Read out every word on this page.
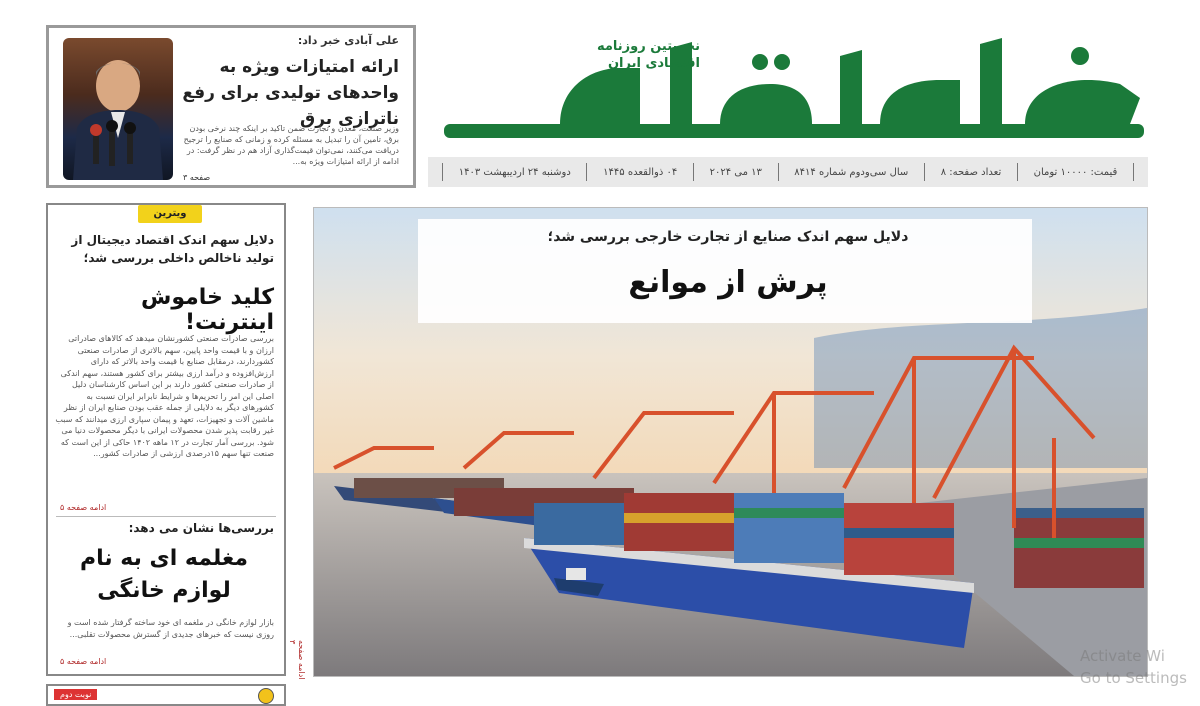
نخستین روزنامه
اقتصادی ایران
دوشنبه ۲۴ اردیبهشت ۱۴۰۳	۰۴ ذوالقعده ۱۴۴۵	۱۳ می ۲۰۲۴	سال سی‌ودوم شماره ۸۴۱۴	تعداد صفحه: ۸	قیمت: ۱۰۰۰۰ تومان
علی آبادی خبر داد:
ارائه امتیازات ویژه به واحدهای تولیدی برای رفع ناترازی برق
وزیر صنعت، معدن و تجارت ضمن تاکید بر اینکه چند نرخی بودن برق، تامین آن را تبدیل به مسئله کرده و زمانی که صنایع را ترجیح دریافت می‌کنند، نمی‌توان قیمت‌گذاری آزاد هم در نظر گرفت: در ادامه از ارائه امتیازات ویژه به...
صفحه ۳
ویترین
دلایل سهم اندک اقتصاد دیجیتال از تولید ناخالص داخلی بررسی شد؛
کلید خاموش اینترنت!
بررسی صادرات صنعتی کشورنشان میدهد که کالاهای صادراتی ارزان و با قیمت واحد پایین، سهم بالاتری از صادرات صنعتی کشوردارند، درمقابل صنایع با قیمت واحد بالاتر که دارای ارزش‌افزوده و درآمد ارزی بیشتر برای کشور هستند، سهم اندکی از صادرات صنعتی کشور دارند بر این اساس کارشناسان دلیل اصلی این امر را تحریم‌ها و شرایط نابرابر ایران نسبت به کشورهای دیگر به دلایلی از جمله عقب بودن صنایع ایران از نظر ماشین آلات و تجهیزات، تعهد و پیمان سپاری ارزی میدانند که سبب غیر رقابت پذیر شدن محصولات ایرانی با دیگر محصولات دنیا می شود. بررسی آمار تجارت در ۱۲ ماهه ۱۴۰۲ حاکی از این است که صنعت تنها سهم ۱۵درصدی ارزشی از صادرات کشور...
ادامه صفحه ۵
بررسی‌ها نشان می دهد:
مغلمه ای به نام لوازم خانگی
بازار لوازم خانگی در ملغمه ای خود ساخته گرفتار شده است و روزی نیست که خبرهای جدیدی از گسترش محصولات تقلبی...
ادامه صفحه ۵	ادامه صفحه ۳
نوبت دوم
دلایل سهم اندک صنایع از تجارت خارجی بررسی شد؛
پرش از موانع
Activate Wi
Go to Settings
